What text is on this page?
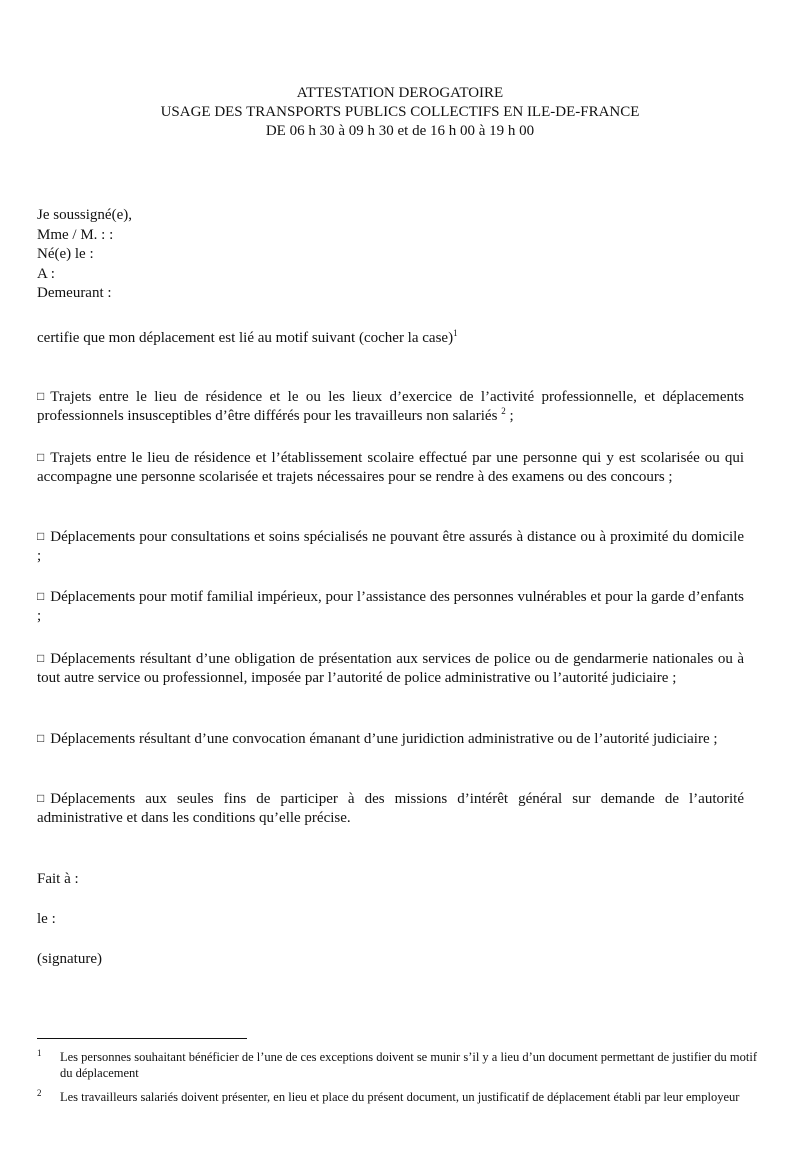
ATTESTATION DEROGATOIRE
USAGE DES TRANSPORTS PUBLICS COLLECTIFS EN ILE-DE-FRANCE
DE 06 h 30 à 09 h 30 et de 16 h 00 à 19 h 00
Je soussigné(e),
Mme / M. : :
Né(e) le :
A :
Demeurant :
certifie que mon déplacement est lié au motif suivant (cocher la case)$^1$
□ Trajets entre le lieu de résidence et le ou les lieux d’exercice de l’activité professionnelle, et déplacements professionnels insusceptibles d’être différés pour les travailleurs non salariés $^2$ ;
□ Trajets entre le lieu de résidence et l’établissement scolaire effectué par une personne qui y est scolarisée ou qui accompagne une personne scolarisée et trajets nécessaires pour se rendre à des examens ou des concours ;
□ Déplacements pour consultations et soins spécialisés ne pouvant être assurés à distance ou à proximité du domicile ;
□ Déplacements pour motif familial impérieux, pour l’assistance des personnes vulnérables et pour la garde d’enfants ;
□ Déplacements résultant d’une obligation de présentation aux services de police ou de gendarmerie nationales ou à tout autre service ou professionnel, imposée par l’autorité de police administrative ou l’autorité judiciaire ;
□ Déplacements résultant d’une convocation émanant d’une juridiction administrative ou de l’autorité judiciaire ;
□ Déplacements aux seules fins de participer à des missions d’intérêt général sur demande de l’autorité administrative et dans les conditions qu’elle précise.
Fait à :
le :
(signature)
1 Les personnes souhaitant bénéficier de l’une de ces exceptions doivent se munir s’il y a lieu d’un document permettant de justifier du motif du déplacement
2 Les travailleurs salariés doivent présenter, en lieu et place du présent document, un justificatif de déplacement établi par leur employeur
